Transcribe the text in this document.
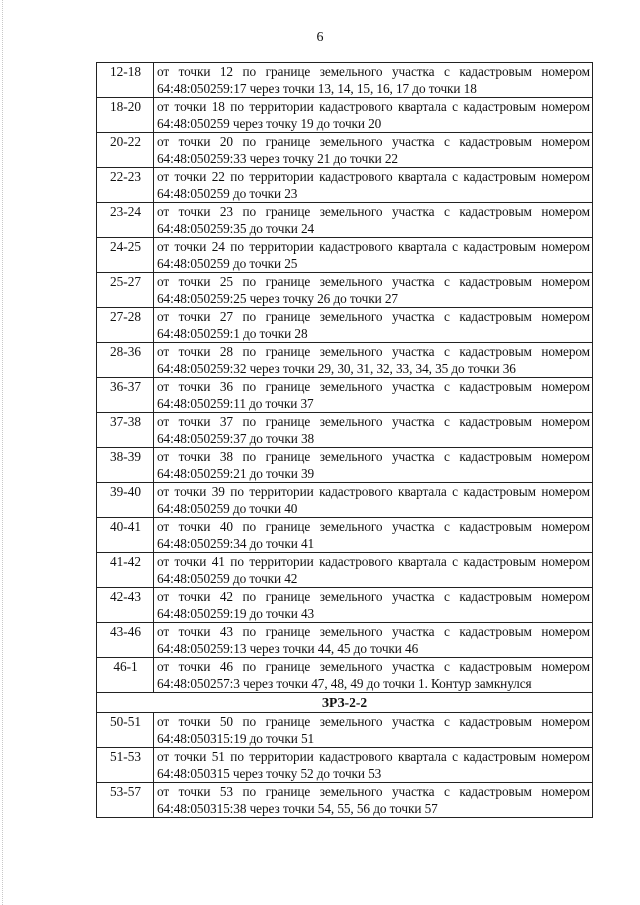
6
12-18	от точки 12 по границе земельного участка с кадастровым номером 64:48:050259:17 через точки 13, 14, 15, 16, 17 до точки 18
18-20	от точки 18 по территории кадастрового квартала с кадастровым номером 64:48:050259 через точку 19 до точки 20
20-22	от точки 20 по границе земельного участка с кадастровым номером 64:48:050259:33 через точку 21 до точки 22
22-23	от точки 22 по территории кадастрового квартала с кадастровым номером 64:48:050259 до точки 23
23-24	от точки 23 по границе земельного участка с кадастровым номером 64:48:050259:35 до точки 24
24-25	от точки 24 по территории кадастрового квартала с кадастровым номером 64:48:050259 до точки 25
25-27	от точки 25 по границе земельного участка с кадастровым номером 64:48:050259:25 через точку 26 до точки 27
27-28	от точки 27 по границе земельного участка с кадастровым номером 64:48:050259:1 до точки 28
28-36	от точки 28 по границе земельного участка с кадастровым номером 64:48:050259:32 через точки 29, 30, 31, 32, 33, 34, 35 до точки 36
36-37	от точки 36 по границе земельного участка с кадастровым номером 64:48:050259:11 до точки 37
37-38	от точки 37 по границе земельного участка с кадастровым номером 64:48:050259:37 до точки 38
38-39	от точки 38 по границе земельного участка с кадастровым номером 64:48:050259:21 до точки 39
39-40	от точки 39 по территории кадастрового квартала с кадастровым номером 64:48:050259 до точки 40
40-41	от точки 40 по границе земельного участка с кадастровым номером 64:48:050259:34 до точки 41
41-42	от точки 41 по территории кадастрового квартала с кадастровым номером 64:48:050259 до точки 42
42-43	от точки 42 по границе земельного участка с кадастровым номером 64:48:050259:19 до точки 43
43-46	от точки 43 по границе земельного участка с кадастровым номером 64:48:050259:13 через точки 44, 45 до точки 46
46-1	от точки 46 по границе земельного участка с кадастровым номером 64:48:050257:3 через точки 47, 48, 49 до точки 1. Контур замкнулся
ЗРЗ-2-2	
50-51	от точки 50 по границе земельного участка с кадастровым номером 64:48:050315:19 до точки 51
51-53	от точки 51 по территории кадастрового квартала с кадастровым номером 64:48:050315 через точку 52 до точки 53
53-57	от точки 53 по границе земельного участка с кадастровым номером 64:48:050315:38 через точки 54, 55, 56 до точки 57
